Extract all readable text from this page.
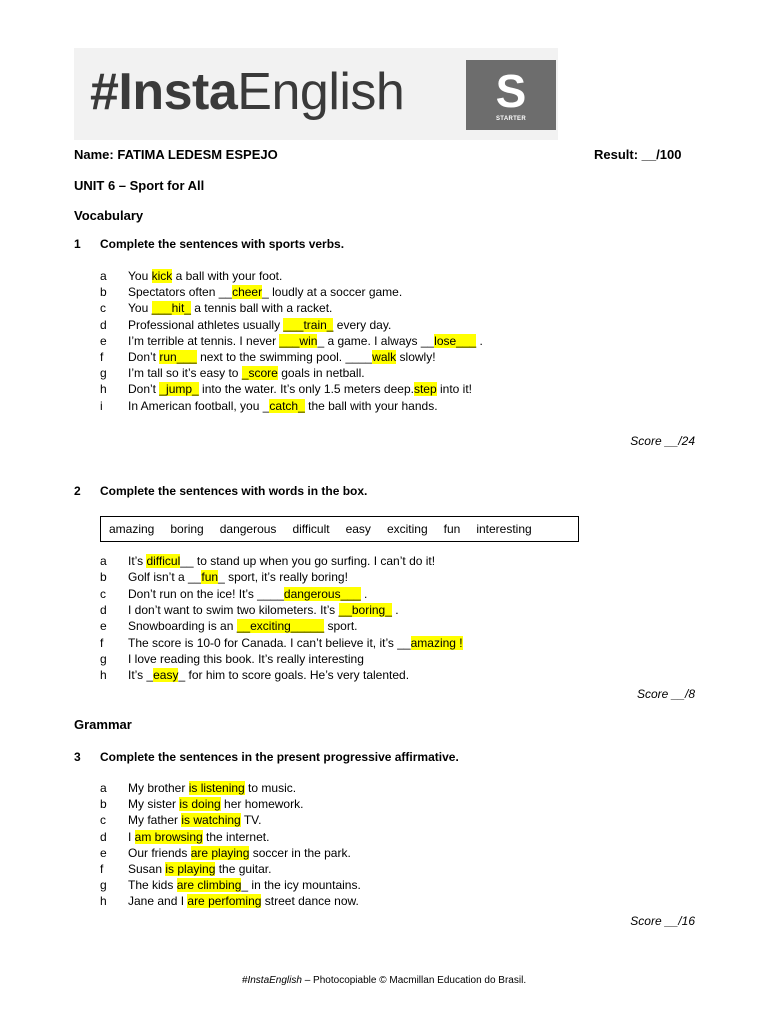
#InstaEnglish	S
STARTER
Name: FATIMA LEDESM ESPEJO	Result: __/100
UNIT 6 – Sport for All
Vocabulary
1 Complete the sentences with sports verbs.
a You kick a ball with your foot.
b Spectators often __cheer_ loudly at a soccer game.
c You ___hit_ a tennis ball with a racket.
d Professional athletes usually ___train_ every day.
e I’m terrible at tennis. I never ___win_ a game. I always __lose___ .
f Don’t run___ next to the swimming pool. ____walk slowly!
g I’m tall so it’s easy to _score goals in netball.
h Don’t _jump_ into the water. It’s only 1.5 meters deep.step into it!
i In American football, you _catch_ the ball with your hands.
Score __/24
2 Complete the sentences with words in the box.
amazing boring dangerous difficult easy exciting fun interesting
a It’s difficul__ to stand up when you go surfing. I can’t do it!
b Golf isn’t a __fun_ sport, it’s really boring!
c Don’t run on the ice! It’s ____dangerous___ .
d I don’t want to swim two kilometers. It’s __boring_ .
e Snowboarding is an __exciting_____ sport.
f The score is 10-0 for Canada. I can’t believe it, it’s __amazing !
g I love reading this book. It’s really interesting
h It’s _easy_ for him to score goals. He’s very talented.
Score __/8
Grammar
3 Complete the sentences in the present progressive affirmative.
a My brother is listening to music.
b My sister is doing her homework.
c My father is watching TV.
d I am browsing the internet.
e Our friends are playing soccer in the park.
f Susan is playing the guitar.
g The kids are climbing_ in the icy mountains.
h Jane and I are perfoming street dance now.
Score __/16
#InstaEnglish – Photocopiable © Macmillan Education do Brasil.
